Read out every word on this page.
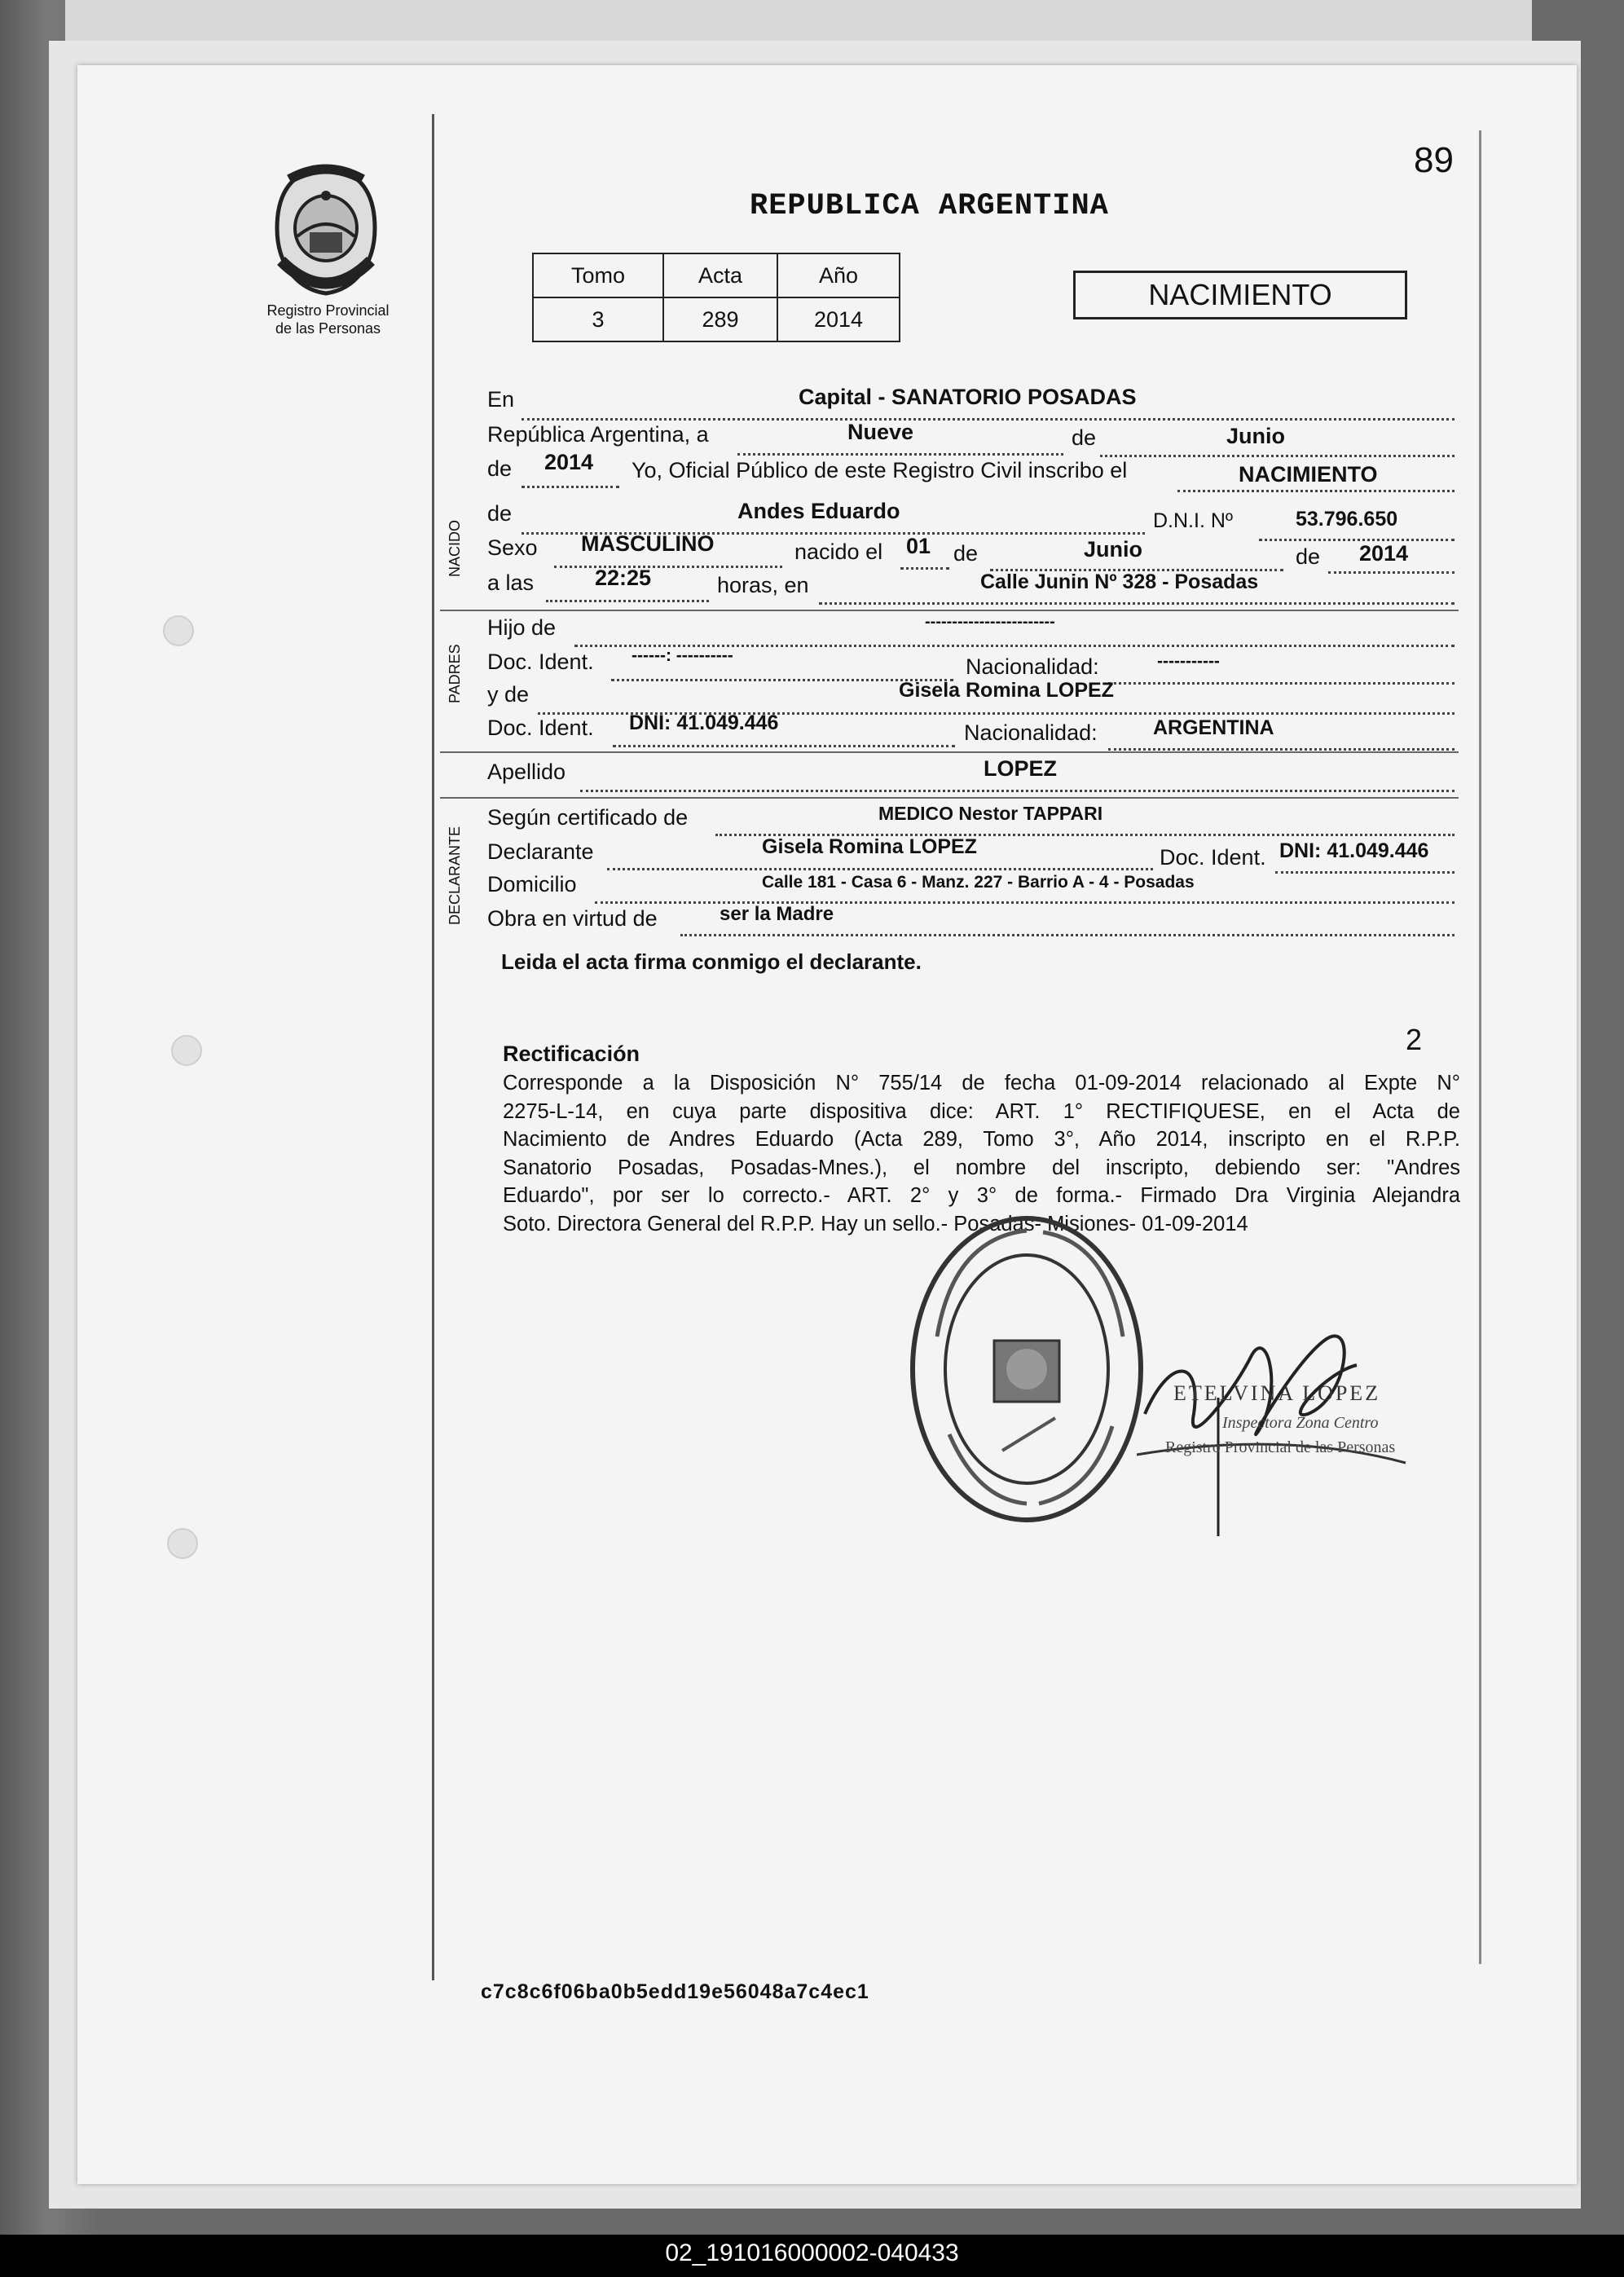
89
REPUBLICA ARGENTINA
Registro Provincial
de las Personas
Tomo	Acta	Año
3	289	2014
NACIMIENTO
En	Capital - SANATORIO POSADAS
República Argentina, a	Nueve	de	Junio
de 2014 Yo, Oficial Público de este Registro Civil inscribo el	NACIMIENTO
NACIDO
de	Andes Eduardo	D.N.I. Nº	53.796.650
Sexo MASCULINO	nacido el 01 de	Junio	de 2014
a las	22:25	horas, en	Calle Junin Nº 328 - Posadas
PADRES
Hijo de	------------------------
Doc. Ident. ------: ----------	Nacionalidad:	-----------
y de	Gisela Romina LOPEZ
Doc. Ident. DNI: 41.049.446	Nacionalidad:	ARGENTINA
Apellido	LOPEZ
DECLARANTE
Según certificado de	MEDICO Nestor TAPPARI
Declarante	Gisela Romina LOPEZ	Doc. Ident. DNI: 41.049.446
Domicilio	Calle 181 - Casa 6 - Manz. 227 - Barrio A - 4 - Posadas
Obra en virtud de	ser la Madre
Leida el acta firma conmigo el declarante.
Rectificación	2
Corresponde a la Disposición N° 755/14 de fecha 01-09-2014 relacionado al Expte N°
2275-L-14, en cuya parte dispositiva dice: ART. 1° RECTIFIQUESE, en el Acta de
Nacimiento de Andres Eduardo (Acta 289, Tomo 3°, Año 2014, inscripto en el R.P.P.
Sanatorio Posadas, Posadas-Mnes.), el nombre del inscripto, debiendo ser: "Andres
Eduardo", por ser lo correcto.- ART. 2° y 3° de forma.- Firmado Dra Virginia Alejandra
Soto. Directora General del R.P.P. Hay un sello.- Posadas- Misiones- 01-09-2014
ETELVINA LÓPEZ
Inspectora Zona Centro
Registro Provincial de las Personas
c7c8c6f06ba0b5edd19e56048a7c4ec1
02_191016000002-040433
